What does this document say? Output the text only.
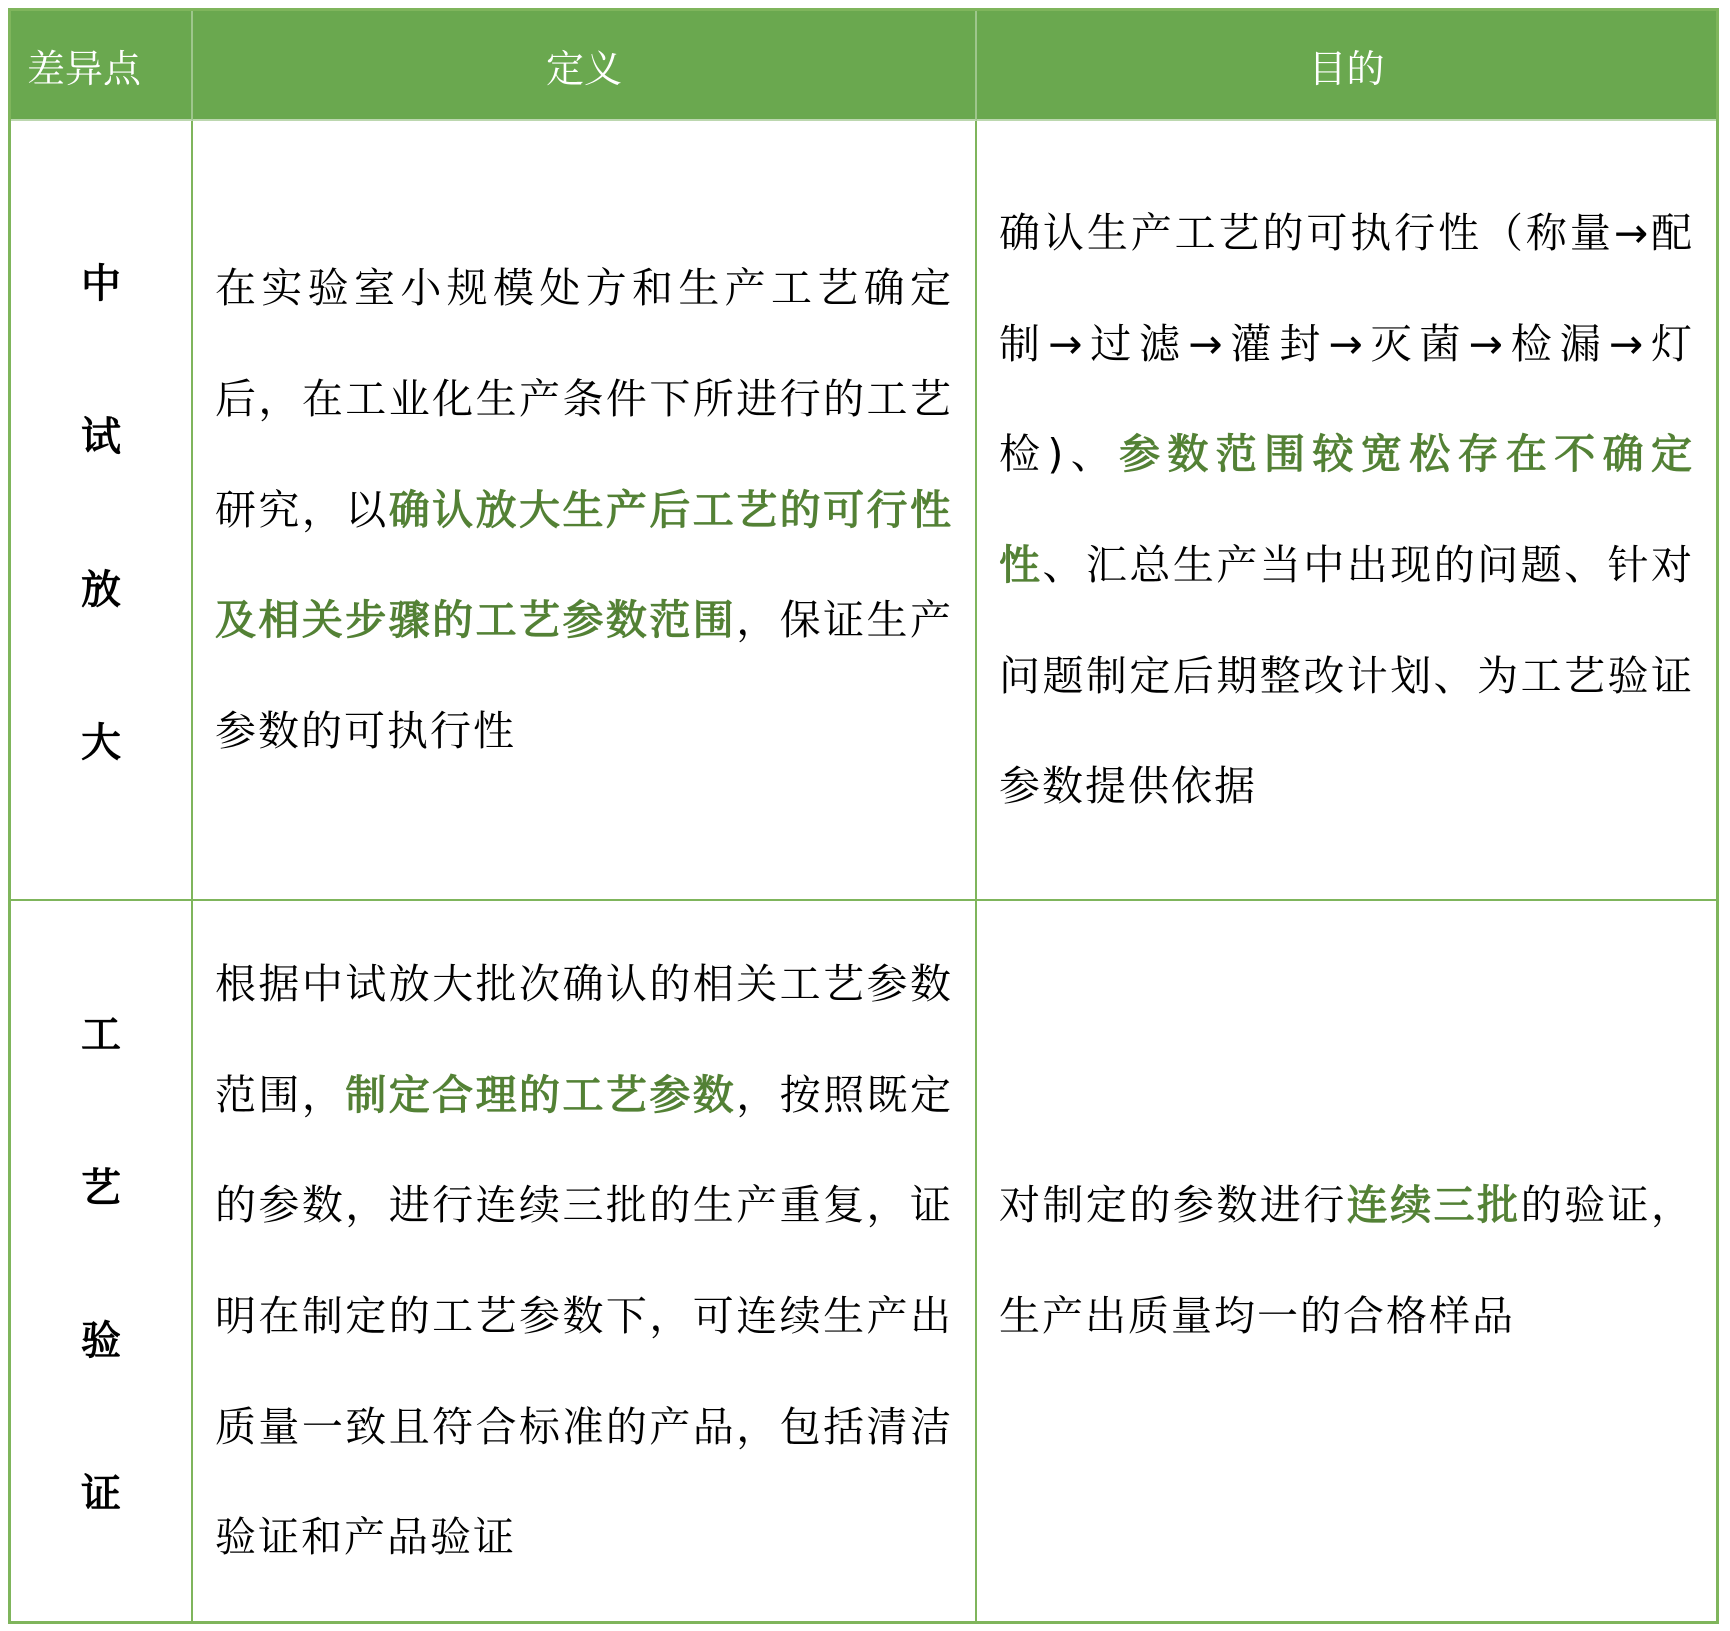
差异点	定义	目的
中
试
放
大
在实验室小规模处方和生产工艺确定后，在工业化生产条件下所进行的工艺研究，以确认放大生产后工艺的可行性及相关步骤的工艺参数范围，保证生产参数的可执行性
确认生产工艺的可执行性（称量→配制→过滤→灌封→灭菌→检漏→灯检)、参数范围较宽松存在不确定性、汇总生产当中出现的问题、针对问题制定后期整改计划、为工艺验证参数提供依据
工
艺
验
证
根据中试放大批次确认的相关工艺参数范围，制定合理的工艺参数，按照既定的参数，进行连续三批的生产重复，证明在制定的工艺参数下，可连续生产出质量一致且符合标准的产品，包括清洁验证和产品验证
对制定的参数进行连续三批的验证，生产出质量均一的合格样品
